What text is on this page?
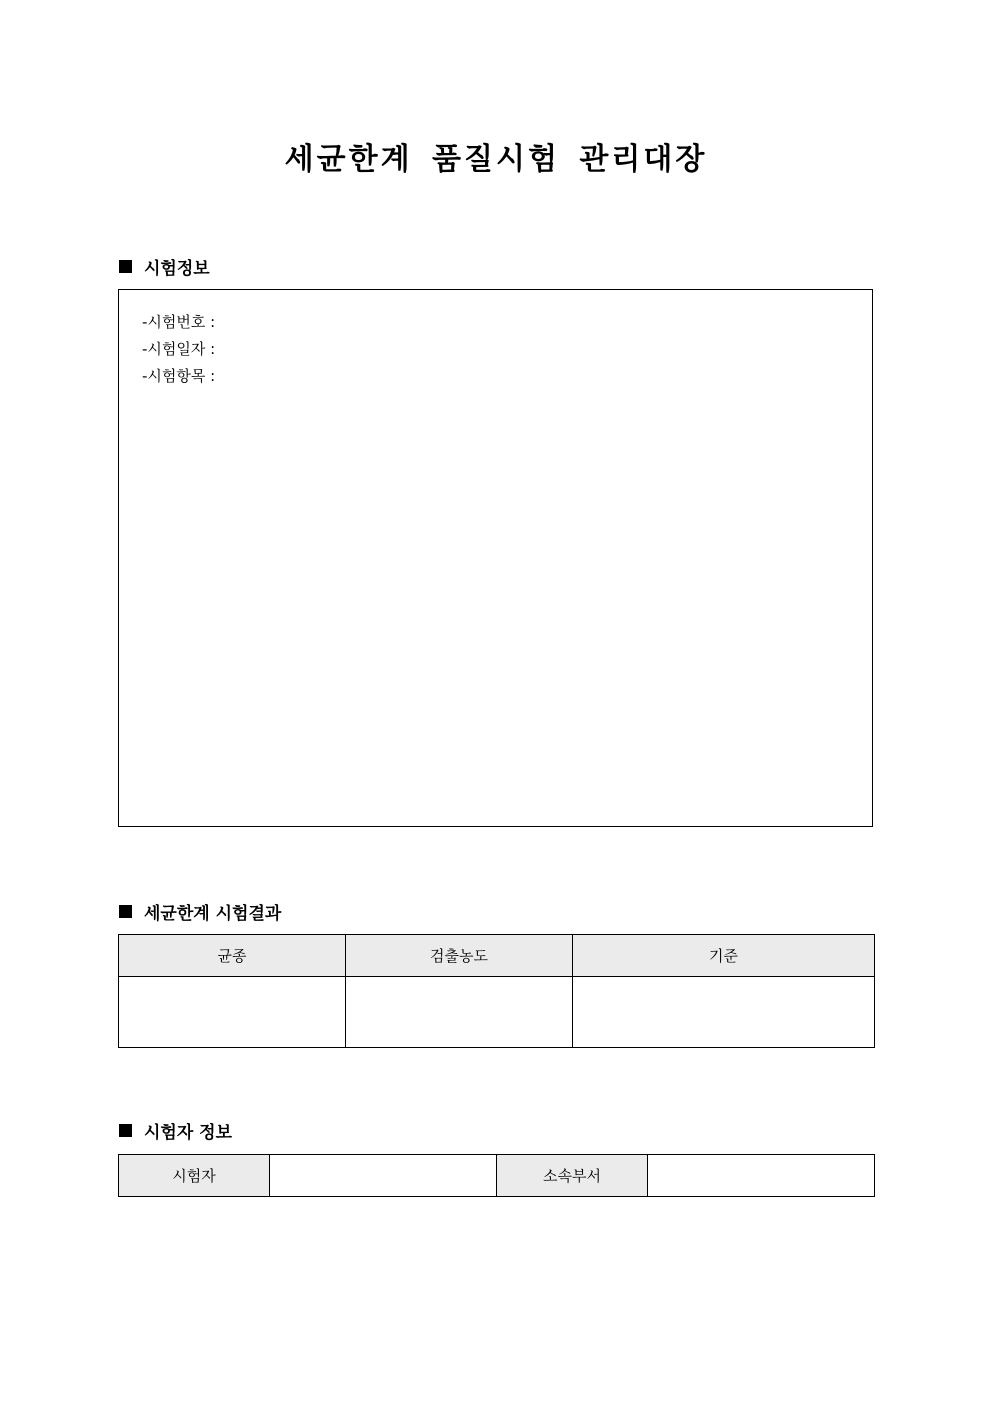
세균한계 품질시험 관리대장
시험정보
-시험번호 :
-시험일자 :
-시험항목 :
세균한계 시험결과
균종	검출농도	기준

시험자 정보
시험자		소속부서	
